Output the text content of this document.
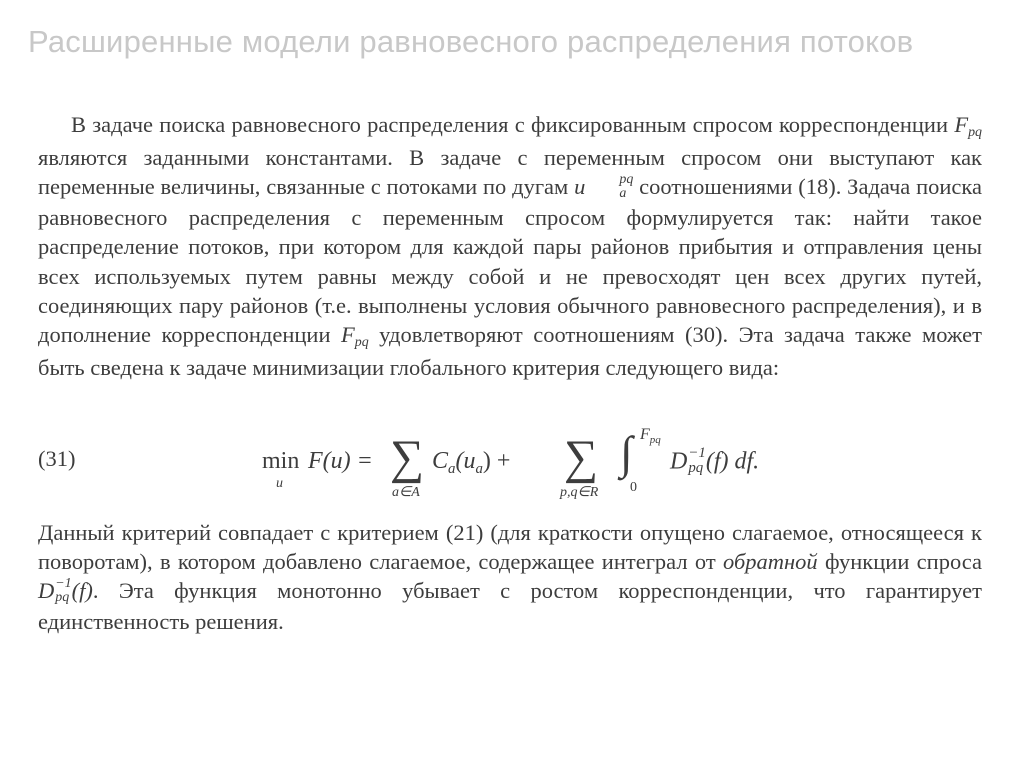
Расширенные модели равновесного распределения потоков

В задаче поиска равновесного распределения с фиксированным спросом корреспонденции Fpq являются заданными константами. В задаче с переменным спросом они выступают как переменные величины, связанные с потоками по дугам u	pq
a соотношениями (18). Задача поиска равновесного распределения с переменным спросом формулируется так: найти такое распределение потоков, при котором для каждой пары районов прибытия и отправления цены всех используемых путем равны между собой и не превосходят цен всех других путей, соединяющих пару районов (т.е. выполнены условия обычного равновесного распределения), и в дополнение корреспонденции Fpq удовлетворяют соотношениям (30). Эта задача также может быть сведена к задаче минимизации глобального критерия следующего вида:

(31)	min
u
F(u) = ∑
a∈A
Ca(ua) + ∑
p,q∈R
∫ $F_{pq}$
0
D −1
pq (f) df.

Данный критерий совпадает с критерием (21) (для краткости опущено слагаемое, относящееся к поворотам), в котором добавлено слагаемое, содержащее интеграл от обратной функции спроса D −1
pq (f). Эта функция монотонно убывает с ростом корреспонденции, что гарантирует единственность решения.
